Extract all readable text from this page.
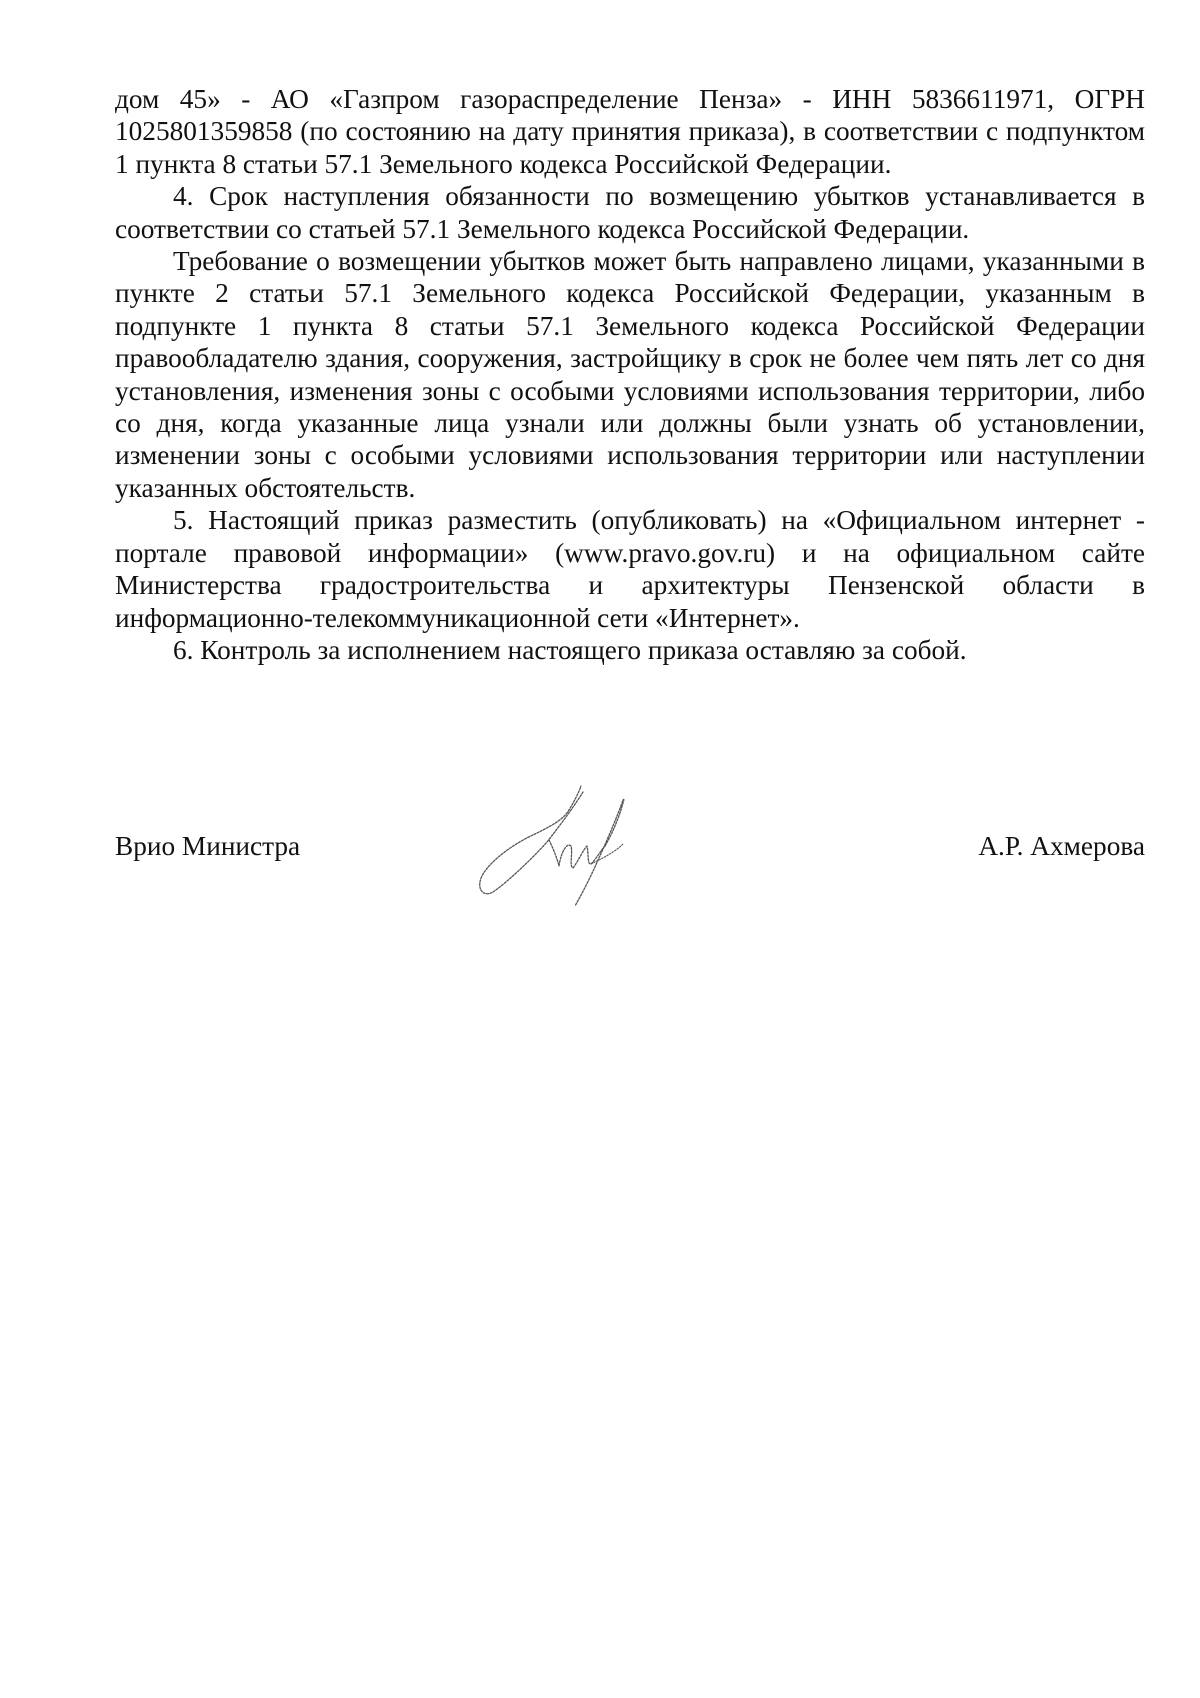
дом 45» - АО «Газпром газораспределение Пенза» - ИНН 5836611971, ОГРН 1025801359858 (по состоянию на дату принятия приказа), в соответствии с подпунктом 1 пункта 8 статьи 57.1 Земельного кодекса Российской Федерации.

4. Срок наступления обязанности по возмещению убытков устанавливается в соответствии со статьей 57.1 Земельного кодекса Российской Федерации.

Требование о возмещении убытков может быть направлено лицами, указанными в пункте 2 статьи 57.1 Земельного кодекса Российской Федерации, указанным в подпункте 1 пункта 8 статьи 57.1 Земельного кодекса Российской Федерации правообладателю здания, сооружения, застройщику в срок не более чем пять лет со дня установления, изменения зоны с особыми условиями использования территории, либо со дня, когда указанные лица узнали или должны были узнать об установлении, изменении зоны с особыми условиями использования территории или наступлении указанных обстоятельств.

5. Настоящий приказ разместить (опубликовать) на «Официальном интернет - портале правовой информации» (www.pravo.gov.ru) и на официальном сайте Министерства градостроительства и архитектуры Пензенской области в информационно-телекоммуникационной сети «Интернет».

6. Контроль за исполнением настоящего приказа оставляю за собой.

Врио Министра	А.Р. Ахмерова
